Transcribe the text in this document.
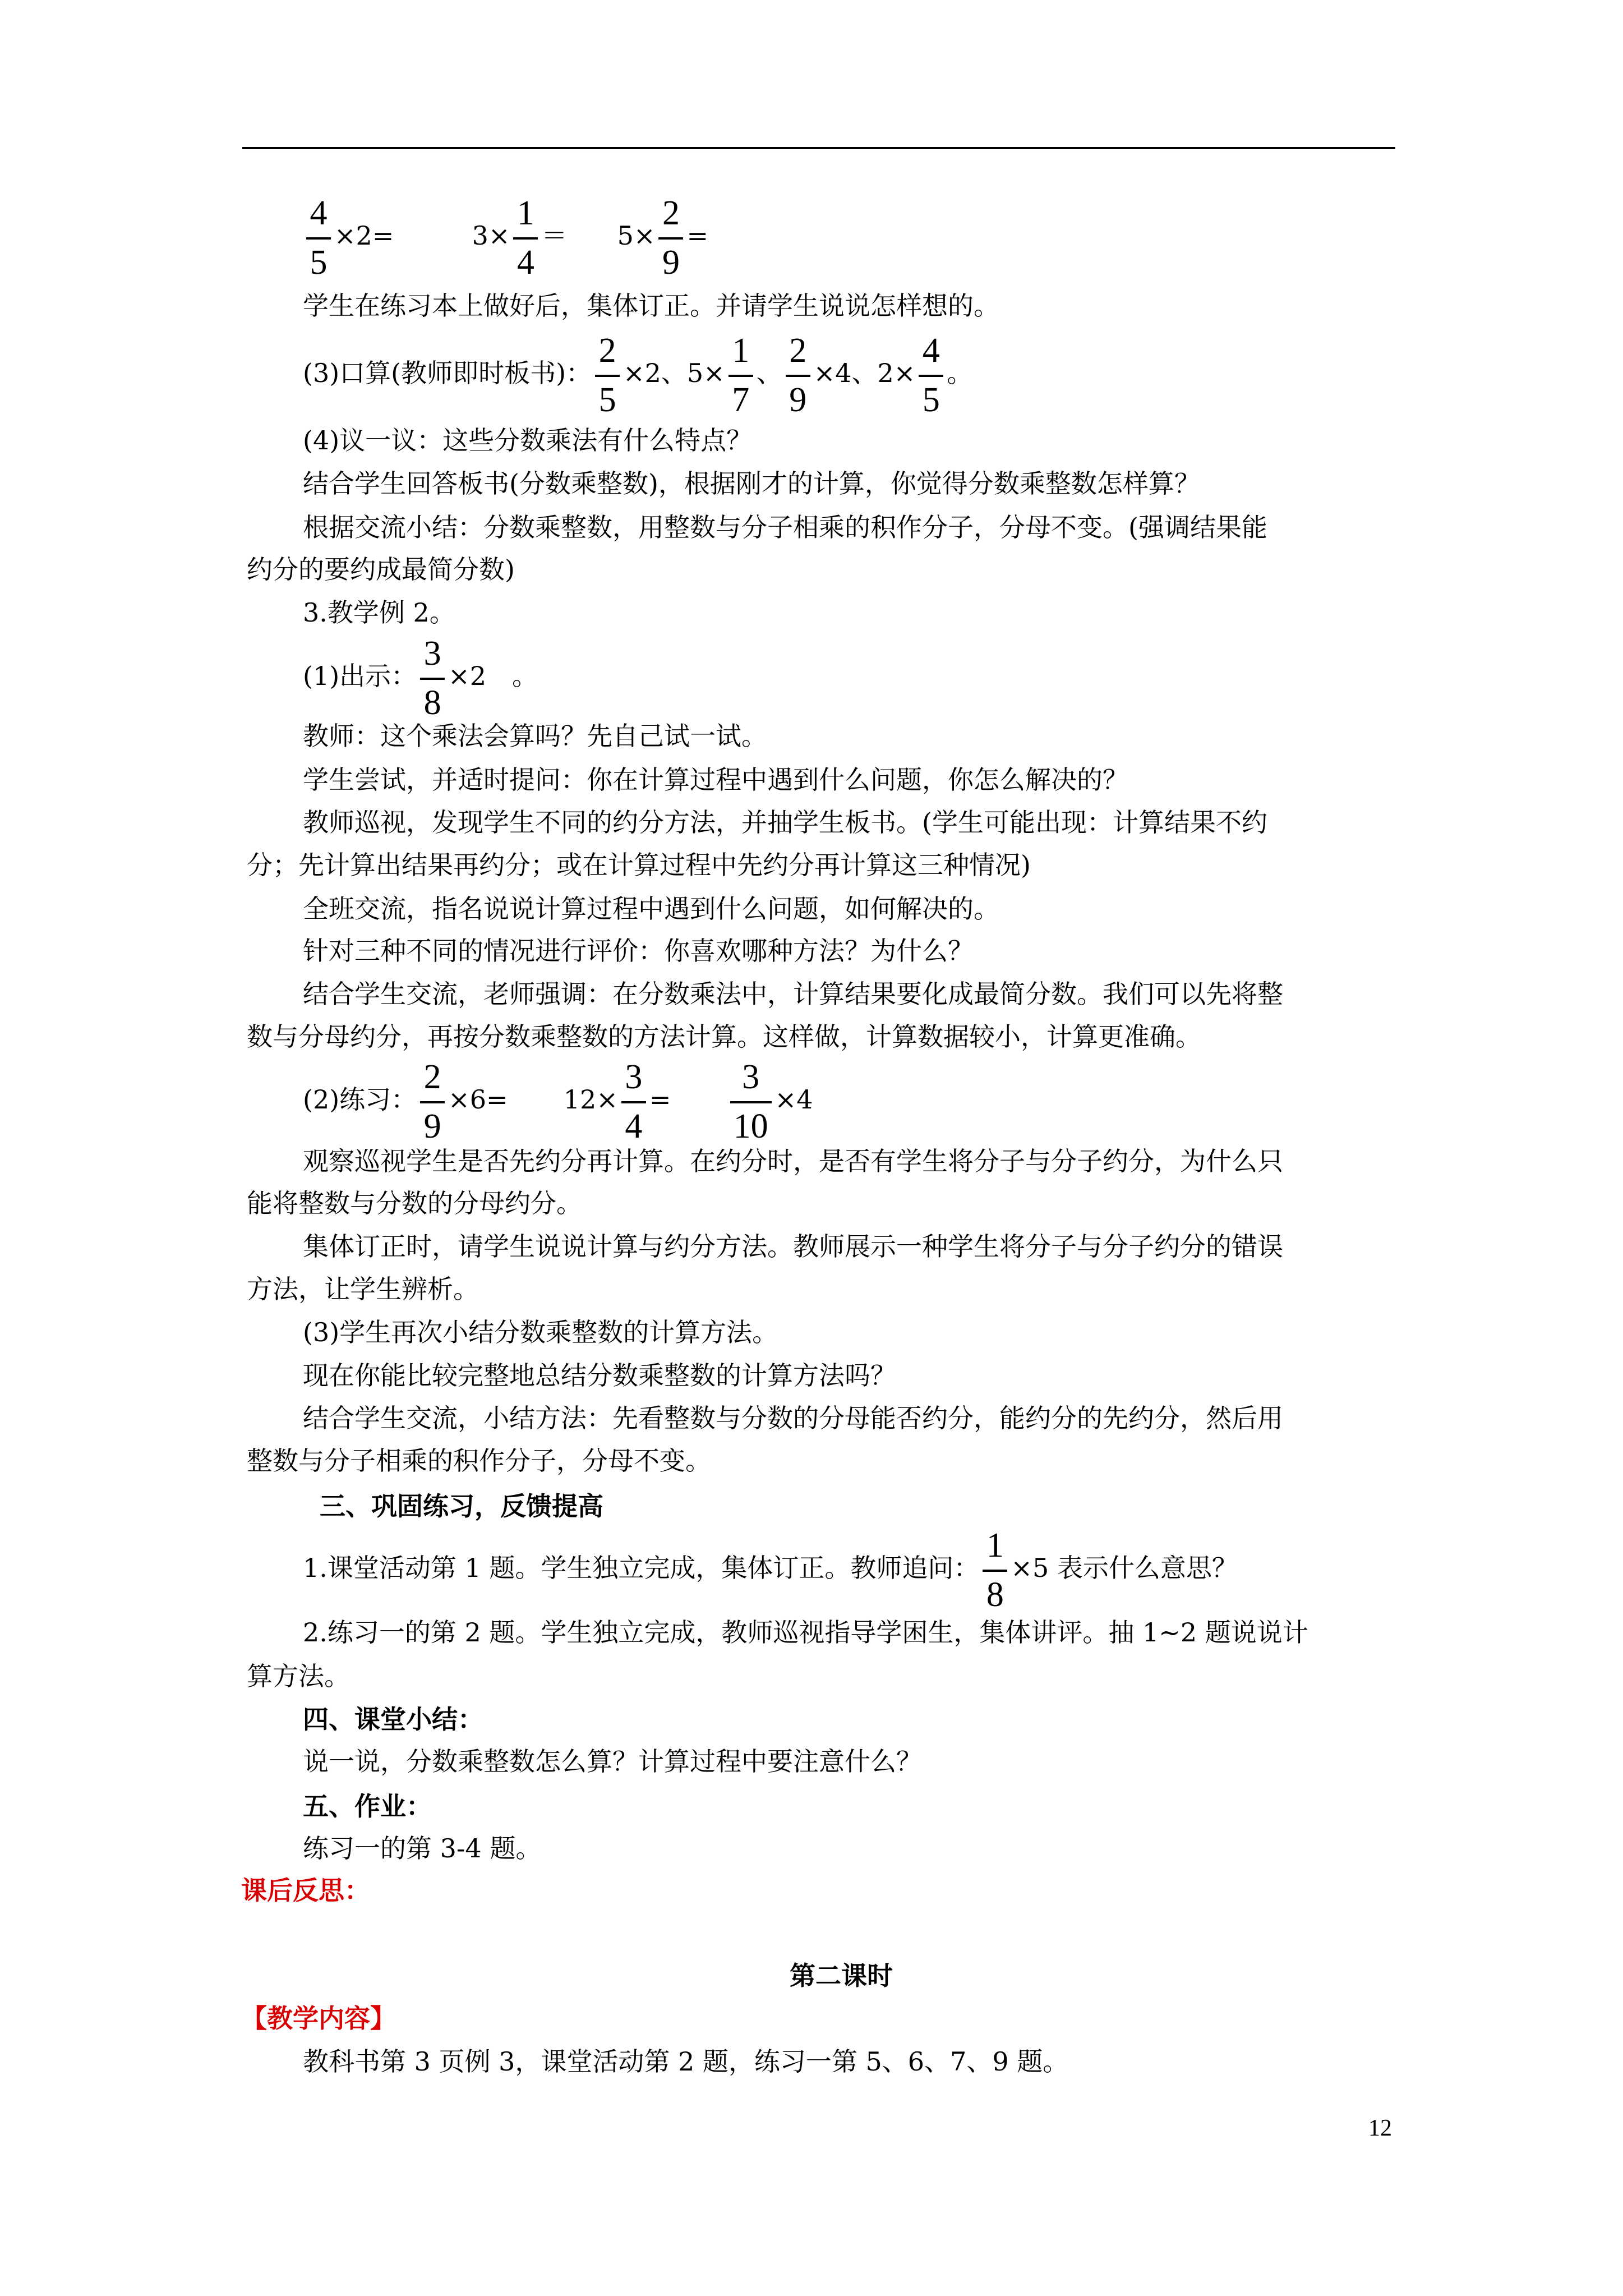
$\frac{4}{5} \times 2=$	$3\times \frac{1}{4} = 5\times \frac{2}{9}$ =
学生在练习本上做好后，集体订正。并请学生说说怎样想的。
(3)口算(教师即时板书)： $\frac{2}{5} \times 2$、$5\times \frac{1}{7}$ 、 $\frac{2}{9} \times 4$、$2\times \frac{4}{5}$ 。
(4)议一议：这些分数乘法有什么特点？
结合学生回答板书(分数乘整数)，根据刚才的计算，你觉得分数乘整数怎样算？
根据交流小结：分数乘整数，用整数与分子相乘的积作分子，分母不变。(强调结果能
约分的要约成最简分数)
3.教学例 2。
(1)出示： $\frac{3}{8} \times 2$　。
教师：这个乘法会算吗？先自己试一试。
学生尝试，并适时提问：你在计算过程中遇到什么问题，你怎么解决的？
教师巡视，发现学生不同的约分方法，并抽学生板书。(学生可能出现：计算结果不约
分；先计算出结果再约分；或在计算过程中先约分再计算这三种情况)
全班交流，指名说说计算过程中遇到什么问题，如何解决的。
针对三种不同的情况进行评价：你喜欢哪种方法？为什么？
结合学生交流，老师强调：在分数乘法中，计算结果要化成最简分数。我们可以先将整
数与分母约分，再按分数乘整数的方法计算。这样做，计算数据较小，计算更准确。
(2)练习： $\frac{2}{9} \times 6= 12\times \frac{3}{4} = \frac{3}{10} \times 4$
观察巡视学生是否先约分再计算。在约分时，是否有学生将分子与分子约分，为什么只
能将整数与分数的分母约分。
集体订正时，请学生说说计算与约分方法。教师展示一种学生将分子与分子约分的错误
方法，让学生辨析。
(3)学生再次小结分数乘整数的计算方法。
现在你能比较完整地总结分数乘整数的计算方法吗？
结合学生交流，小结方法：先看整数与分数的分母能否约分，能约分的先约分，然后用
整数与分子相乘的积作分子，分母不变。
三、巩固练习，反馈提高
1.课堂活动第 1 题。学生独立完成，集体订正。教师追问： $\frac{1}{8} \times 5$ 表示什么意思？
2.练习一的第 2 题。学生独立完成，教师巡视指导学困生，集体讲评。抽 1~2 题说说计
算方法。
四、课堂小结：
说一说，分数乘整数怎么算？计算过程中要注意什么？
五、作业：
练习一的第 3-4 题。
课后反思：
第二课时
【教学内容】
教科书第 3 页例 3，课堂活动第 2 题，练习一第 5、6、7、9 题。
12
